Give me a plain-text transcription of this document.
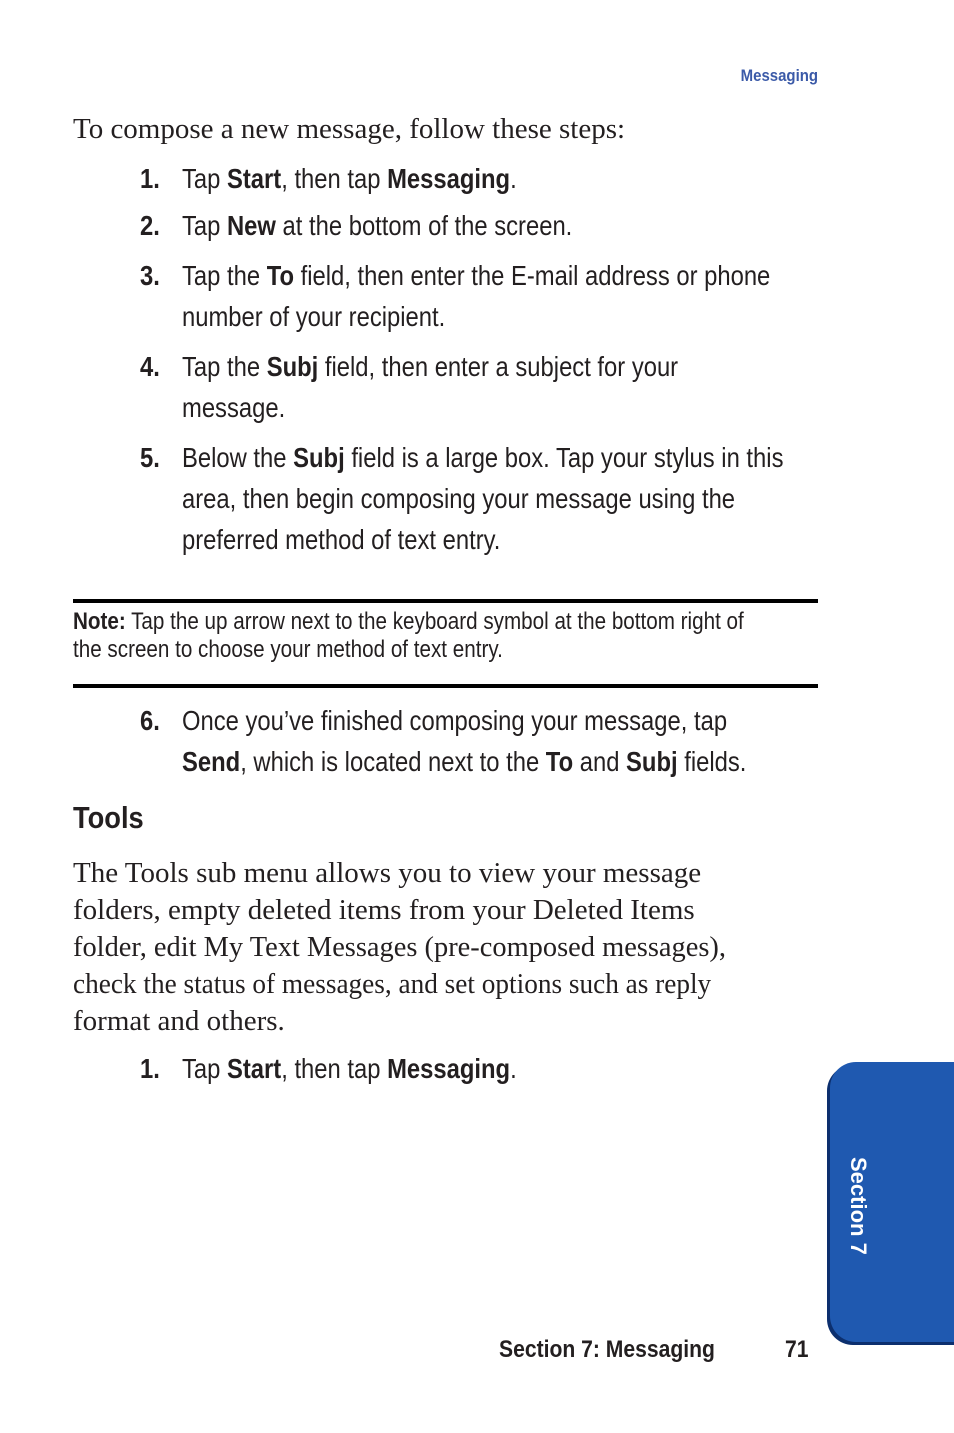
Messaging
To compose a new message, follow these steps:
1. Tap Start, then tap Messaging.
2. Tap New at the bottom of the screen.
3. Tap the To field, then enter the E-mail address or phone
number of your recipient.
4. Tap the Subj field, then enter a subject for your
message.
5. Below the Subj field is a large box. Tap your stylus in this
area, then begin composing your message using the
preferred method of text entry.
Note: Tap the up arrow next to the keyboard symbol at the bottom right of
the screen to choose your method of text entry.
6. Once you’ve finished composing your message, tap
Send, which is located next to the To and Subj fields.
Tools
The Tools sub menu allows you to view your message
folders, empty deleted items from your Deleted Items
folder, edit My Text Messages (pre-composed messages),
check the status of messages, and set options such as reply
format and others.
1. Tap Start, then tap Messaging.
Section 7
Section 7: Messaging	71
